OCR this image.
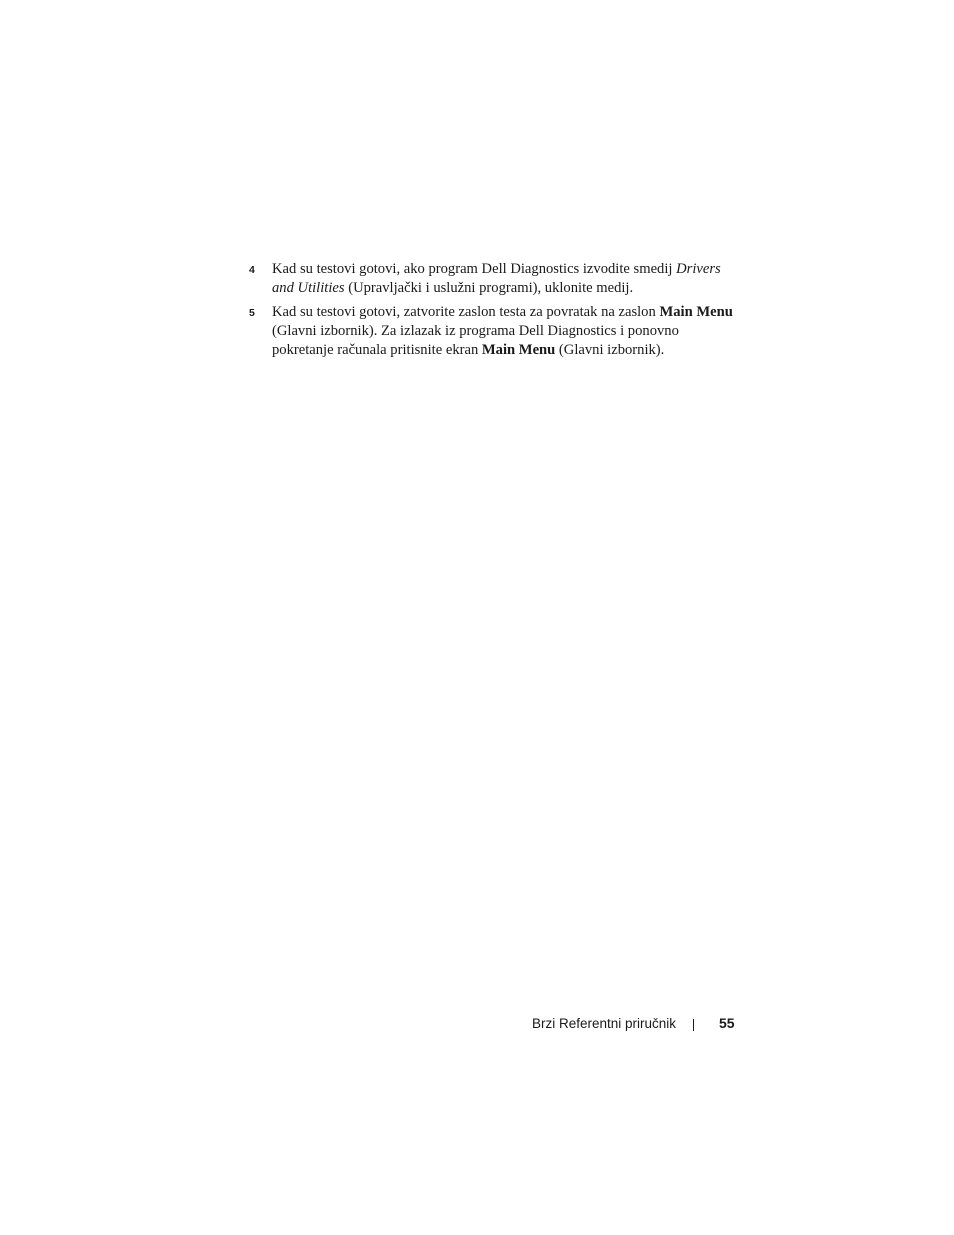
4 Kad su testovi gotovi, ako program Dell Diagnostics izvodite smedij Drivers and Utilities (Upravljački i uslužni programi), uklonite medij.
5 Kad su testovi gotovi, zatvorite zaslon testa za povratak na zaslon Main Menu (Glavni izbornik). Za izlazak iz programa Dell Diagnostics i ponovno pokretanje računala pritisnite ekran Main Menu (Glavni izbornik).
Brzi Referentni priručnik	55
